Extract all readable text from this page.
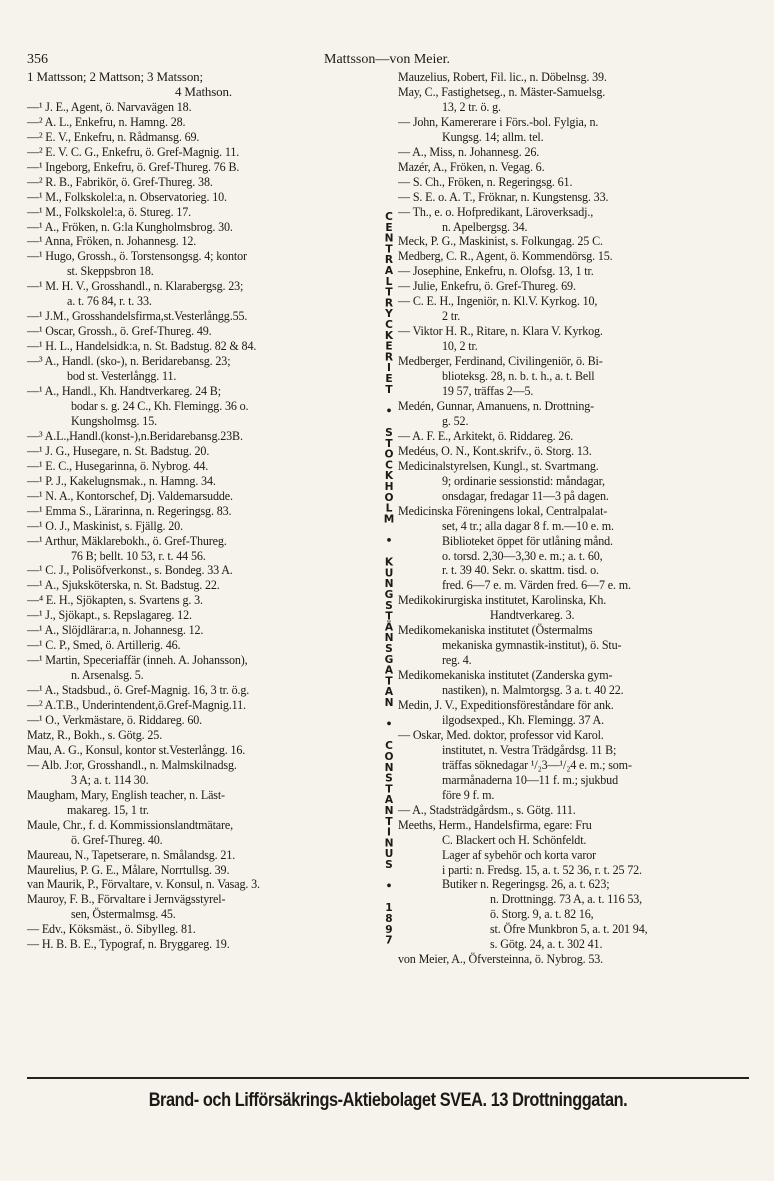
356	Mattsson—von Meier.
1 Mattsson; 2 Mattson; 3 Matsson;
4 Mathson.
—¹ J. E., Agent, ö. Narvavägen 18.
—² A. L., Enkefru, n. Hamng. 28.
—² E. V., Enkefru, n. Rådmansg. 69.
—² E. V. C. G., Enkefru, ö. Gref-Magnig. 11.
—¹ Ingeborg, Enkefru, ö. Gref-Thureg. 76 B.
—² R. B., Fabrikör, ö. Gref-Thureg. 38.
—¹ M., Folkskolel:a, n. Observatorieg. 10.
—¹ M., Folkskolel:a, ö. Stureg. 17.
—¹ A., Fröken, n. G:la Kungholmsbrog. 30.
—¹ Anna, Fröken, n. Johannesg. 12.
—¹ Hugo, Grossh., ö. Torstensongsg. 4; kontor
st. Skeppsbron 18.
—¹ M. H. V., Grosshandl., n. Klarabergsg. 23;
a. t. 76 84, r. t. 33.
—¹ J.M., Grosshandelsfirma,st.Vesterlångg.55.
—¹ Oscar, Grossh., ö. Gref-Thureg. 49.
—¹ H. L., Handelsidk:a, n. St. Badstug. 82 & 84.
—³ A., Handl. (sko-), n. Beridarebansg. 23;
bod st. Vesterlångg. 11.
—¹ A., Handl., Kh. Handtverkareg. 24 B;
bodar s. g. 24 C., Kh. Flemingg. 36 o.
Kungsholmsg. 15.
—³ A.L.,Handl.(konst-),n.Beridarebansg.23B.
—¹ J. G., Husegare, n. St. Badstug. 20.
—¹ E. C., Husegarinna, ö. Nybrog. 44.
—¹ P. J., Kakelugnsmak., n. Hamng. 34.
—¹ N. A., Kontorschef, Dj. Valdemarsudde.
—¹ Emma S., Lärarinna, n. Regeringsg. 83.
—¹ O. J., Maskinist, s. Fjällg. 20.
—¹ Arthur, Mäklarebokh., ö. Gref-Thureg.
76 B; bellt. 10 53, r. t. 44 56.
—¹ C. J., Polisöfverkonst., s. Bondeg. 33 A.
—¹ A., Sjuksköterska, n. St. Badstug. 22.
—⁴ E. H., Sjökapten, s. Svartens g. 3.
—¹ J., Sjökapt., s. Repslagareg. 12.
—¹ A., Slöjdlärar:a, n. Johannesg. 12.
—¹ C. P., Smed, ö. Artillerig. 46.
—¹ Martin, Speceriaffär (inneh. A. Johansson),
n. Arsenalsg. 5.
—¹ A., Stadsbud., ö. Gref-Magnig. 16, 3 tr. ö.g.
—² A.T.B., Underintendent,ö.Gref-Magnig.11.
—¹ O., Verkmästare, ö. Riddareg. 60.
Matz, R., Bokh., s. Götg. 25.
Mau, A. G., Konsul, kontor st.Vesterlångg. 16.
— Alb. J:or, Grosshandl., n. Malmskilnadsg.
3 A; a. t. 114 30.
Maugham, Mary, English teacher, n. Läst-
makareg. 15, 1 tr.
Maule, Chr., f. d. Kommissionslandtmätare,
ö. Gref-Thureg. 40.
Maureau, N., Tapetserare, n. Smålandsg. 21.
Maurelius, P. G. E., Målare, Norrtullsg. 39.
van Maurik, P., Förvaltare, v. Konsul, n. Vasag. 3.
Mauroy, F. B., Förvaltare i Jernvägsstyrel-
sen, Östermalmsg. 45.
— Edv., Köksmäst., ö. Sibylleg. 81.
— H. B. B. E., Typograf, n. Bryggareg. 19.	CENTRALTRYCKERIET • STOCKHOLM • KUNGSTÄNSGATAN • CONSTANTINUS • 1897
Mauzelius, Robert, Fil. lic., n. Döbelnsg. 39.
May, C., Fastighetseg., n. Mäster-Samuelsg.
13, 2 tr. ö. g.
— John, Kamererare i Förs.-bol. Fylgia, n.
Kungsg. 14; allm. tel.
— A., Miss, n. Johannesg. 26.
Mazér, A., Fröken, n. Vegag. 6.
— S. Ch., Fröken, n. Regeringsg. 61.
— S. E. o. A. T., Fröknar, n. Kungstensg. 33.
— Th., e. o. Hofpredikant, Läroverksadj.,
n. Apelbergsg. 34.
Meck, P. G., Maskinist, s. Folkungag. 25 C.
Medberg, C. R., Agent, ö. Kommendörsg. 15.
— Josephine, Enkefru, n. Olofsg. 13, 1 tr.
— Julie, Enkefru, ö. Gref-Thureg. 69.
— C. E. H., Ingeniör, n. Kl.V. Kyrkog. 10,
2 tr.
— Viktor H. R., Ritare, n. Klara V. Kyrkog.
10, 2 tr.
Medberger, Ferdinand, Civilingeniör, ö. Bi-
blioteksg. 28, n. b. t. h., a. t. Bell
19 57, träffas 2—5.
Medén, Gunnar, Amanuens, n. Drottning-
g. 52.
— A. F. E., Arkitekt, ö. Riddareg. 26.
Medéus, O. N., Kont.skrifv., ö. Storg. 13.
Medicinalstyrelsen, Kungl., st. Svartmang.
9; ordinarie sessionstid: måndagar,
onsdagar, fredagar 11—3 på dagen.
Medicinska Föreningens lokal, Centralpalat-
set, 4 tr.; alla dagar 8 f. m.—10 e. m.
Biblioteket öppet för utlåning månd.
o. torsd. 2,30—3,30 e. m.; a. t. 60,
r. t. 39 40. Sekr. o. skattm. tisd. o.
fred. 6—7 e. m. Värden fred. 6—7 e. m.
Medikokirurgiska institutet, Karolinska, Kh.
Handtverkareg. 3.
Medikomekaniska institutet (Östermalms
mekaniska gymnastik-institut), ö. Stu-
reg. 4.
Medikomekaniska institutet (Zanderska gym-
nastiken), n. Malmtorgsg. 3 a. t. 40 22.
Medin, J. V., Expeditionsföreståndare för ank.
ilgodsexped., Kh. Flemingg. 37 A.
— Oskar, Med. doktor, professor vid Karol.
institutet, n. Vestra Trädgårdsg. 11 B;
träffas söknedagar ¹/₂3—¹/₂4 e. m.; som-
marmånaderna 10—11 f. m.; sjukbud
före 9 f. m.
— A., Stadsträdgårdsm., s. Götg. 111.
Meeths, Herm., Handelsfirma, egare: Fru
C. Blackert och H. Schönfeldt.
Lager af sybehör och korta varor
i parti: n. Fredsg. 15, a. t. 52 36, r. t. 25 72.
Butiker n. Regeringsg. 26, a. t. 623;
n. Drottningg. 73 A, a. t. 116 53,
ö. Storg. 9, a. t. 82 16,
st. Öfre Munkbron 5, a. t. 201 94,
s. Götg. 24, a. t. 302 41.
von Meier, A., Öfversteinna, ö. Nybrog. 53.
Brand- och Lifförsäkrings-Aktiebolaget SVEA. 13 Drottninggatan.
